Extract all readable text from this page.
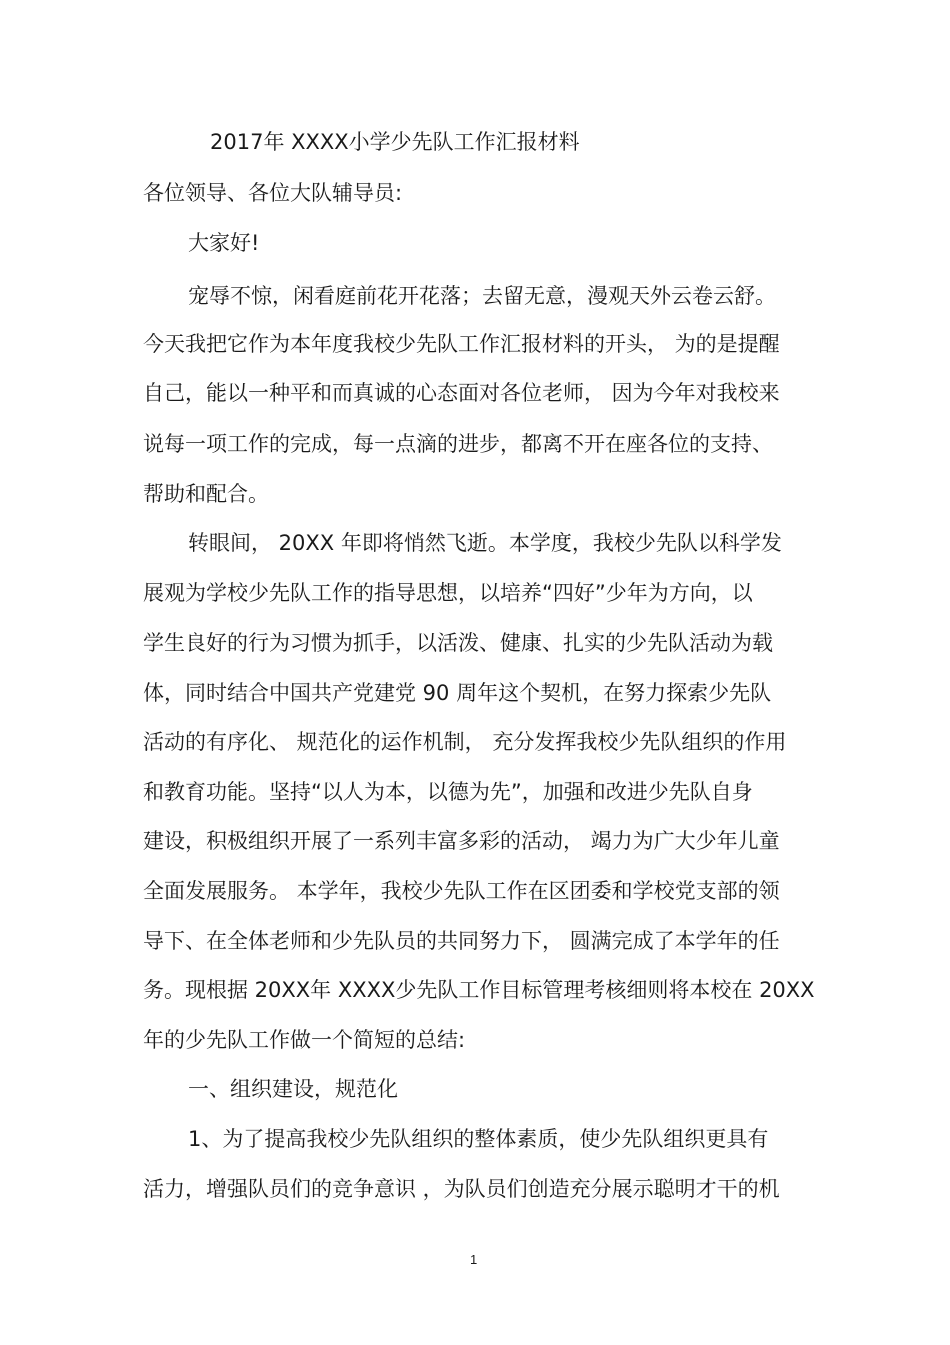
2017年 XXXX小学少先队工作汇报材料
各位领导、各位大队辅导员:
大家好!
宠辱不惊，闲看庭前花开花落；去留无意，漫观天外云卷云舒。
今天我把它作为本年度我校少先队工作汇报材料的开头， 为的是提醒
自己，能以一种平和而真诚的心态面对各位老师， 因为今年对我校来
说每一项工作的完成，每一点滴的进步，都离不开在座各位的支持、
帮助和配合。
转眼间， 20XX 年即将悄然飞逝。本学度，我校少先队以科学发
展观为学校少先队工作的指导思想，以培养“四好”少年为方向，以
学生良好的行为习惯为抓手，以活泼、健康、扎实的少先队活动为载
体，同时结合中国共产党建党 90 周年这个契机，在努力探索少先队
活动的有序化、 规范化的运作机制， 充分发挥我校少先队组织的作用
和教育功能。坚持“以人为本，以德为先”，加强和改进少先队自身
建设，积极组织开展了一系列丰富多彩的活动， 竭力为广大少年儿童
全面发展服务。 本学年，我校少先队工作在区团委和学校党支部的领
导下、在全体老师和少先队员的共同努力下， 圆满完成了本学年的任
务。现根据 20XX年 XXXX少先队工作目标管理考核细则将本校在 20XX
年的少先队工作做一个简短的总结:
一、组织建设，规范化
1、为了提高我校少先队组织的整体素质，使少先队组织更具有
活力，增强队员们的竞争意识 ，为队员们创造充分展示聪明才干的机
1
